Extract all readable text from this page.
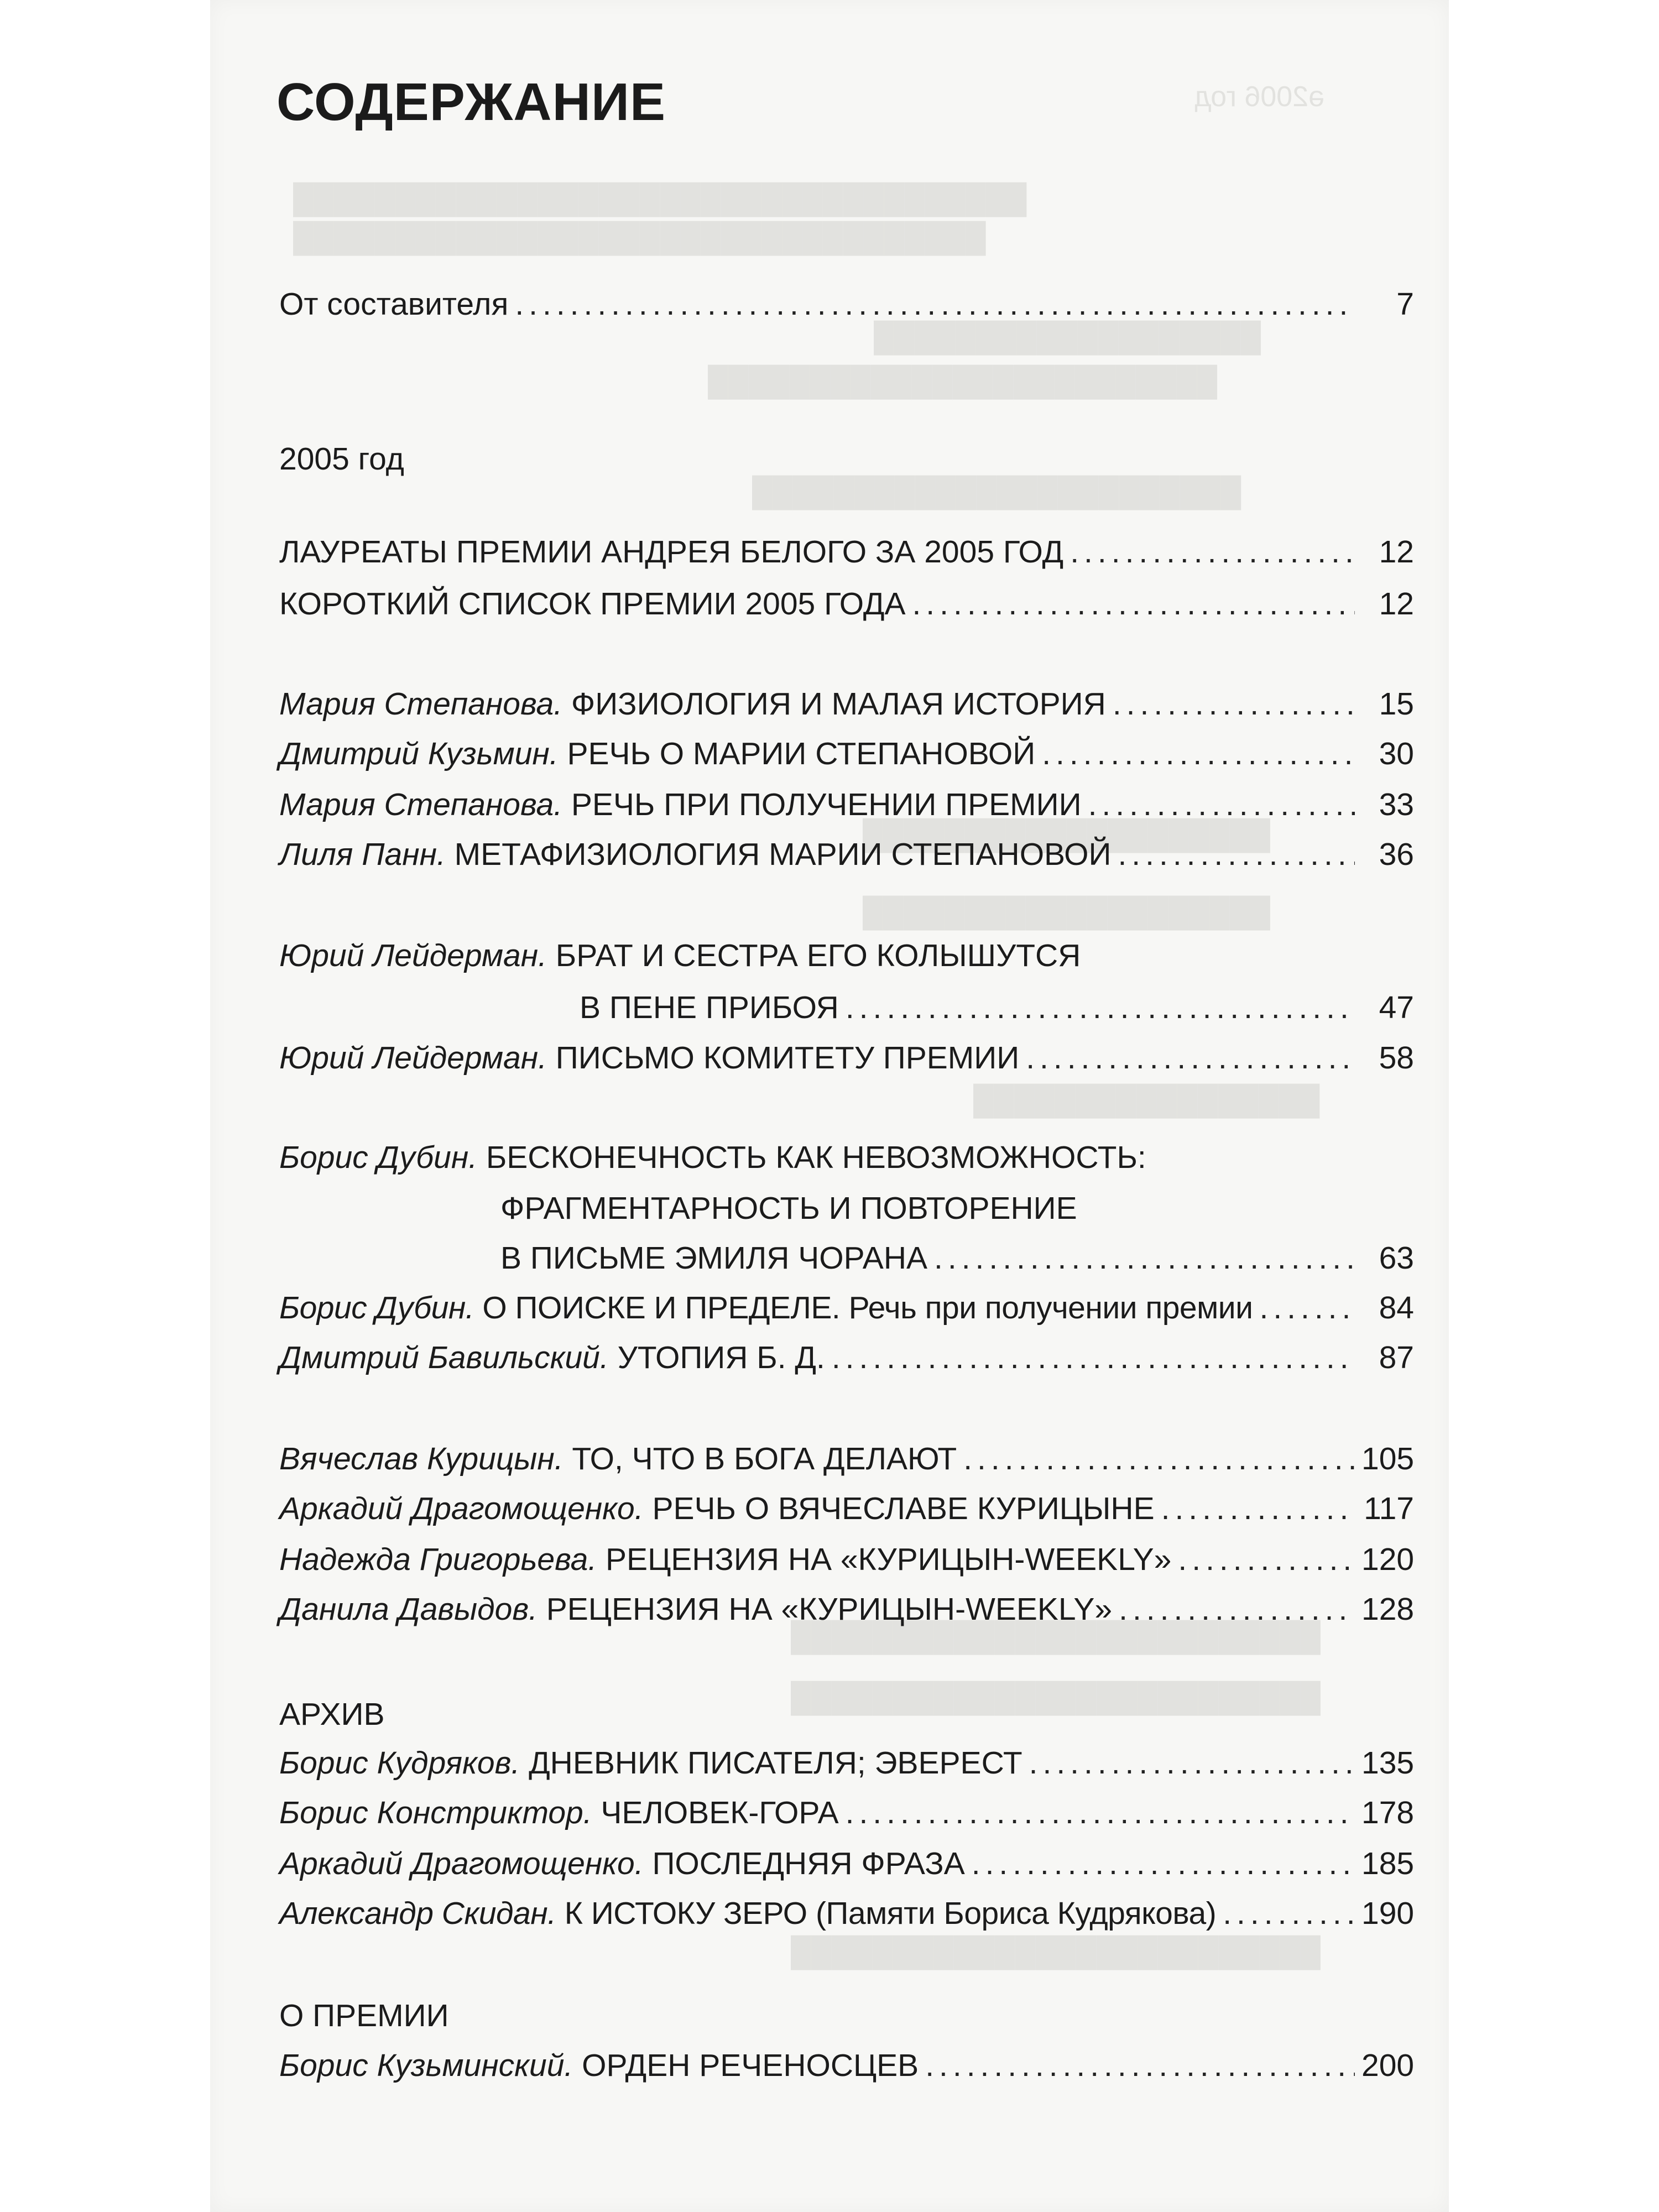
ǝ2006 год
████████████████████████████████████
██████████████████████████████████
███████████████████
█████████████████████████
████████████████████████
████████████████████
████████████████████
█████████████████
██████████████████████████
██████████████████████████
██████████████████████████
СОДЕРЖАНИЕ
От составителя .....	7
2005 год
ЛАУРЕАТЫ ПРЕМИИ АНДРЕЯ БЕЛОГО ЗА 2005 ГОД .....	12
КОРОТКИЙ СПИСОК ПРЕМИИ 2005 ГОДА .....	12
Мария Степанова. ФИЗИОЛОГИЯ И МАЛАЯ ИСТОРИЯ .....	15
Дмитрий Кузьмин. РЕЧЬ О МАРИИ СТЕПАНОВОЙ .....	30
Мария Степанова. РЕЧЬ ПРИ ПОЛУЧЕНИИ ПРЕМИИ .....	33
Лиля Панн. МЕТАФИЗИОЛОГИЯ МАРИИ СТЕПАНОВОЙ .....	36
Юрий Лейдерман. БРАТ И СЕСТРА ЕГО КОЛЫШУТСЯ
В ПЕНЕ ПРИБОЯ .....	47
Юрий Лейдерман. ПИСЬМО КОМИТЕТУ ПРЕМИИ .....	58
Борис Дубин. БЕСКОНЕЧНОСТЬ КАК НЕВОЗМОЖНОСТЬ:
ФРАГМЕНТАРНОСТЬ И ПОВТОРЕНИЕ
В ПИСЬМЕ ЭМИЛЯ ЧОРАНА .....	63
Борис Дубин. О ПОИСКЕ И ПРЕДЕЛЕ. Речь при получении премии .....	84
Дмитрий Бавильский. УТОПИЯ Б. Д. .....	87
Вячеслав Курицын. ТО, ЧТО В БОГА ДЕЛАЮТ .....	105
Аркадий Драгомощенко. РЕЧЬ О ВЯЧЕСЛАВЕ КУРИЦЫНЕ .....	117
Надежда Григорьева. РЕЦЕНЗИЯ НА «КУРИЦЫН-WEEKLY» .....	120
Данила Давыдов. РЕЦЕНЗИЯ НА «КУРИЦЫН-WEEKLY» .....	128
АРХИВ
Борис Кудряков. ДНЕВНИК ПИСАТЕЛЯ; ЭВЕРЕСТ .....	135
Борис Констриктор. ЧЕЛОВЕК-ГОРА .....	178
Аркадий Драгомощенко. ПОСЛЕДНЯЯ ФРАЗА .....	185
Александр Скидан. К ИСТОКУ ЗЕРО (Памяти Бориса Кудрякова) .....	190
О ПРЕМИИ
Борис Кузьминский. ОРДЕН РЕЧЕНОСЦЕВ .....	200
